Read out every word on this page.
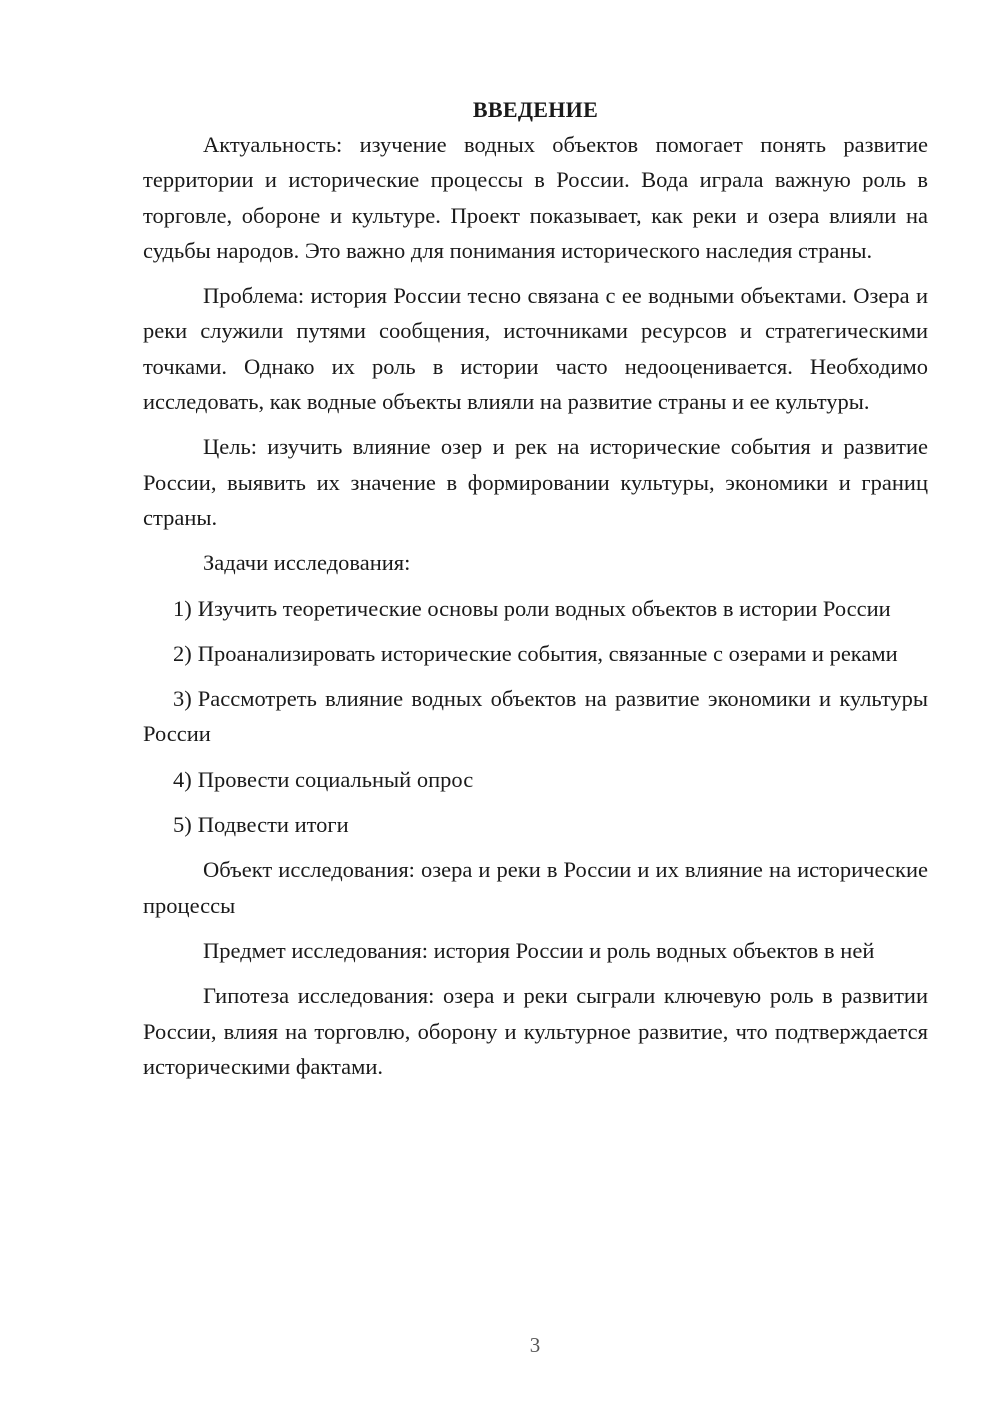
ВВЕДЕНИЕ

Актуальность: изучение водных объектов помогает понять развитие территории и исторические процессы в России. Вода играла важную роль в торговле, обороне и культуре. Проект показывает, как реки и озера влияли на судьбы народов. Это важно для понимания исторического наследия страны.

Проблема: история России тесно связана с ее водными объектами. Озера и реки служили путями сообщения, источниками ресурсов и стратегическими точками. Однако их роль в истории часто недооценивается. Необходимо исследовать, как водные объекты влияли на развитие страны и ее культуры.

Цель: изучить влияние озер и рек на исторические события и развитие России, выявить их значение в формировании культуры, экономики и границ страны.

Задачи исследования:

1) Изучить теоретические основы роли водных объектов в истории России

2) Проанализировать исторические события, связанные с озерами и реками

3) Рассмотреть влияние водных объектов на развитие экономики и культуры России

4) Провести социальный опрос

5) Подвести итоги

Объект исследования: озера и реки в России и их влияние на исторические процессы

Предмет исследования: история России и роль водных объектов в ней

Гипотеза исследования: озера и реки сыграли ключевую роль в развитии России, влияя на торговлю, оборону и культурное развитие, что подтверждается историческими фактами.

3
